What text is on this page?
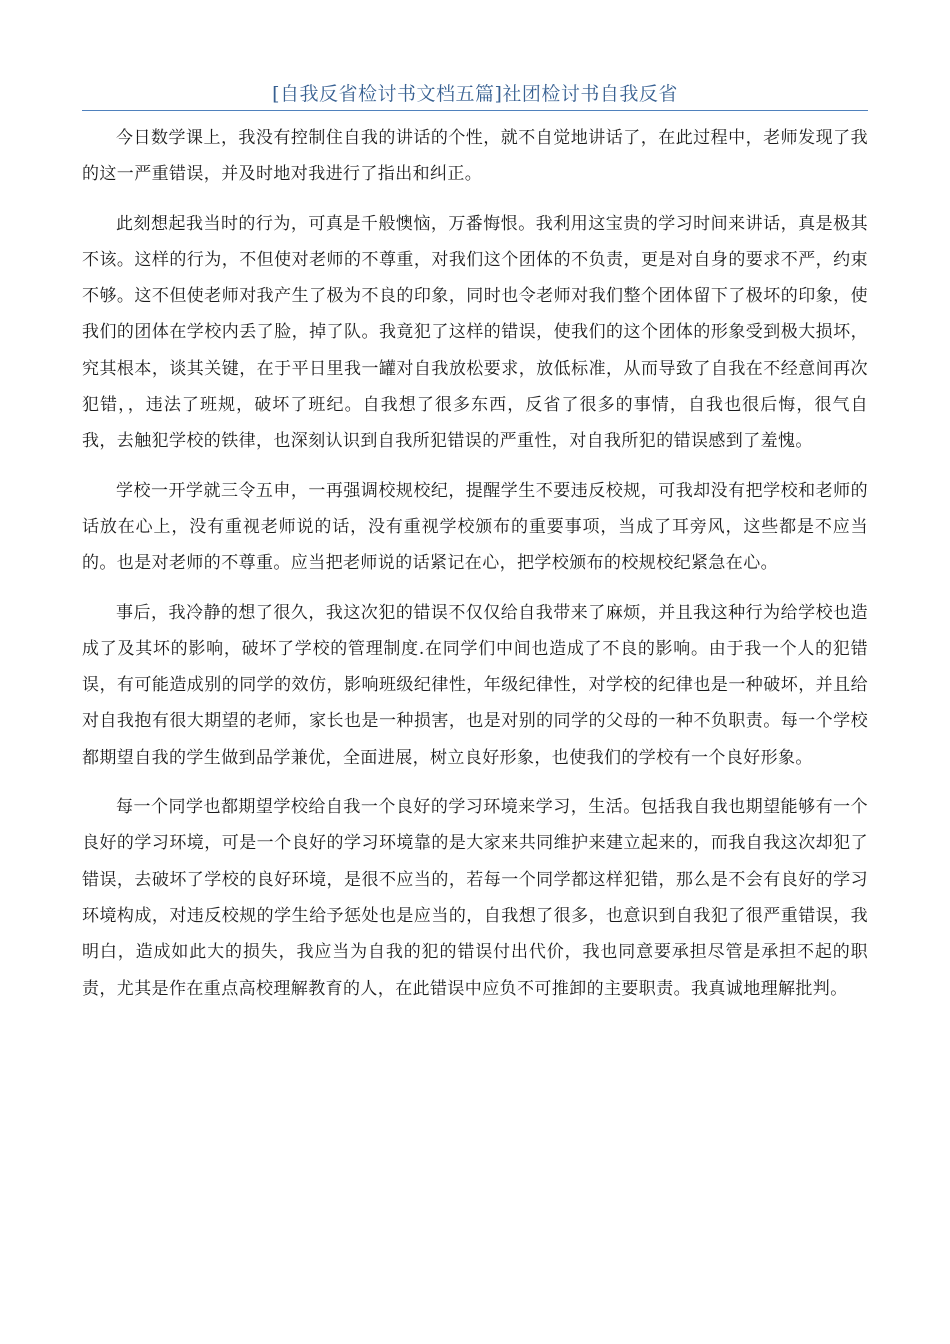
[自我反省检讨书文档五篇]社团检讨书自我反省

今日数学课上，我没有控制住自我的讲话的个性，就不自觉地讲话了，在此过程中，老师发现了我的这一严重错误，并及时地对我进行了指出和纠正。

此刻想起我当时的行为，可真是千般懊恼，万番悔恨。我利用这宝贵的学习时间来讲话，真是极其不该。这样的行为，不但使对老师的不尊重，对我们这个团体的不负责，更是对自身的要求不严，约束不够。这不但使老师对我产生了极为不良的印象，同时也令老师对我们整个团体留下了极坏的印象，使我们的团体在学校内丢了脸，掉了队。我竟犯了这样的错误，使我们的这个团体的形象受到极大损坏，究其根本，谈其关键，在于平日里我一罐对自我放松要求，放低标准，从而导致了自我在不经意间再次犯错，，违法了班规，破坏了班纪。自我想了很多东西，反省了很多的事情，自我也很后悔，很气自我，去触犯学校的铁律，也深刻认识到自我所犯错误的严重性，对自我所犯的错误感到了羞愧。

学校一开学就三令五申，一再强调校规校纪，提醒学生不要违反校规，可我却没有把学校和老师的话放在心上，没有重视老师说的话，没有重视学校颁布的重要事项，当成了耳旁风，这些都是不应当的。也是对老师的不尊重。应当把老师说的话紧记在心，把学校颁布的校规校纪紧急在心。

事后，我冷静的想了很久，我这次犯的错误不仅仅给自我带来了麻烦，并且我这种行为给学校也造成了及其坏的影响，破坏了学校的管理制度.在同学们中间也造成了不良的影响。由于我一个人的犯错误，有可能造成别的同学的效仿，影响班级纪律性，年级纪律性，对学校的纪律也是一种破坏，并且给对自我抱有很大期望的老师，家长也是一种损害，也是对别的同学的父母的一种不负职责。每一个学校都期望自我的学生做到品学兼优，全面进展，树立良好形象，也使我们的学校有一个良好形象。

每一个同学也都期望学校给自我一个良好的学习环境来学习，生活。包括我自我也期望能够有一个良好的学习环境，可是一个良好的学习环境靠的是大家来共同维护来建立起来的，而我自我这次却犯了错误，去破坏了学校的良好环境，是很不应当的，若每一个同学都这样犯错，那么是不会有良好的学习环境构成，对违反校规的学生给予惩处也是应当的，自我想了很多，也意识到自我犯了很严重错误，我明白，造成如此大的损失，我应当为自我的犯的错误付出代价，我也同意要承担尽管是承担不起的职责，尤其是作在重点高校理解教育的人，在此错误中应负不可推卸的主要职责。我真诚地理解批判。
